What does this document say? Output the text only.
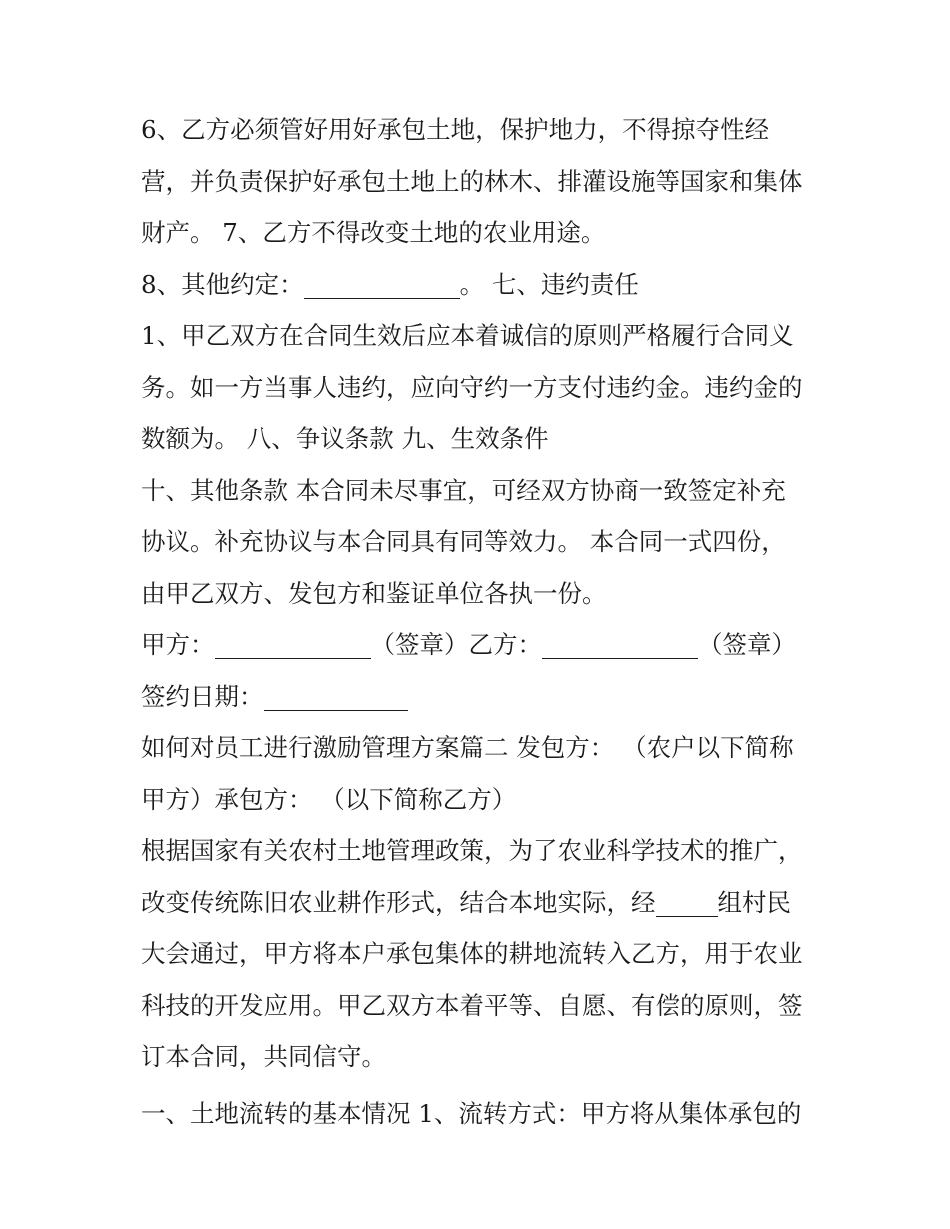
6、乙方必须管好用好承包土地，保护地力，不得掠夺性经
营，并负责保护好承包土地上的林木、排灌设施等国家和集体
财产。 7、乙方不得改变土地的农业用途。
8、其他约定：	。 七、违约责任
1、甲乙双方在合同生效后应本着诚信的原则严格履行合同义
务。如一方当事人违约，应向守约一方支付违约金。违约金的
数额为。 八、争议条款 九、生效条件
十、其他条款 本合同未尽事宜，可经双方协商一致签定补充
协议。补充协议与本合同具有同等效力。 本合同一式四份，
由甲乙双方、发包方和鉴证单位各执一份。
甲方：	（签章）乙方：	（签章）
签约日期：
如何对员工进行激励管理方案篇二 发包方： （农户以下简称
甲方）承包方： （以下简称乙方）
根据国家有关农村土地管理政策，为了农业科学技术的推广，
改变传统陈旧农业耕作形式，结合本地实际，经	组村民
大会通过，甲方将本户承包集体的耕地流转入乙方，用于农业
科技的开发应用。甲乙双方本着平等、自愿、有偿的原则，签
订本合同，共同信守。
一、土地流转的基本情况 1、流转方式：甲方将从集体承包的
